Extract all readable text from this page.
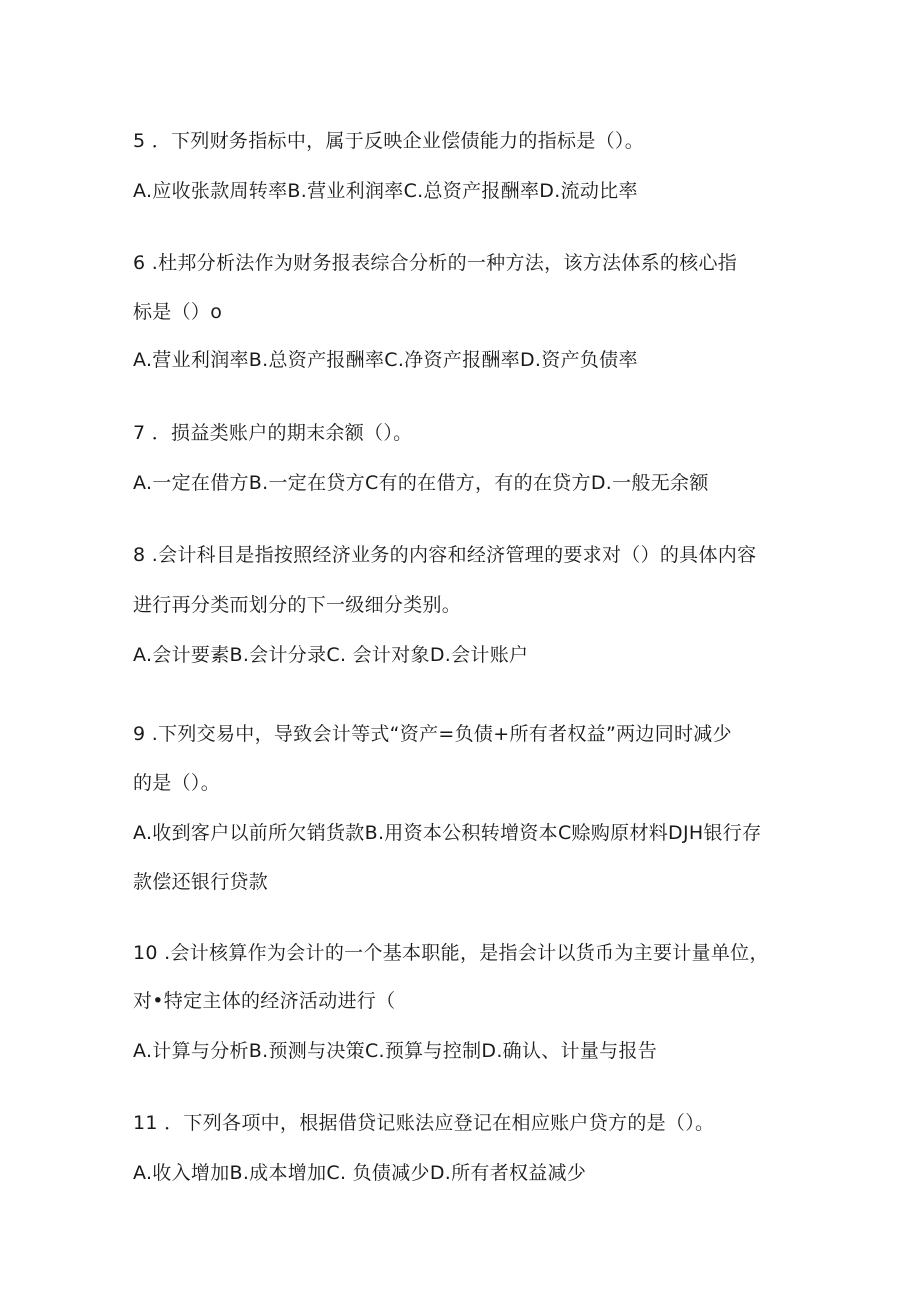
5 ．下列财务指标中，属于反映企业偿债能力的指标是（）。
A.应收张款周转率B.营业利润率C.总资产报酬率D.流动比率
6 .杜邦分析法作为财务报表综合分析的一种方法，该方法体系的核心指
标是（）o
A.营业利润率B.总资产报酬率C.净资产报酬率D.资产负债率
7 ．损益类账户的期末余额（）。
A.一定在借方B.一定在贷方C有的在借方，有的在贷方D.一般无余额
8 .会计科目是指按照经济业务的内容和经济管理的要求对（）的具体内容
进行再分类而划分的下一级细分类别。
A.会计要素B.会计分录C. 会计对象D.会计账户
9 .下列交易中，导致会计等式“资产=负债+所有者权益”两边同时减少
的是（）。
A.收到客户以前所欠销货款B.用资本公积转增资本C赊购原材料DJH银行存
款偿还银行贷款
10 .会计核算作为会计的一个基本职能，是指会计以货币为主要计量单位，
对•特定主体的经济活动进行（
A.计算与分析B.预测与决策C.预算与控制D.确认、计量与报告
11 ．下列各项中，根据借贷记账法应登记在相应账户贷方的是（）。
A.收入增加B.成本增加C. 负债减少D.所有者权益减少
